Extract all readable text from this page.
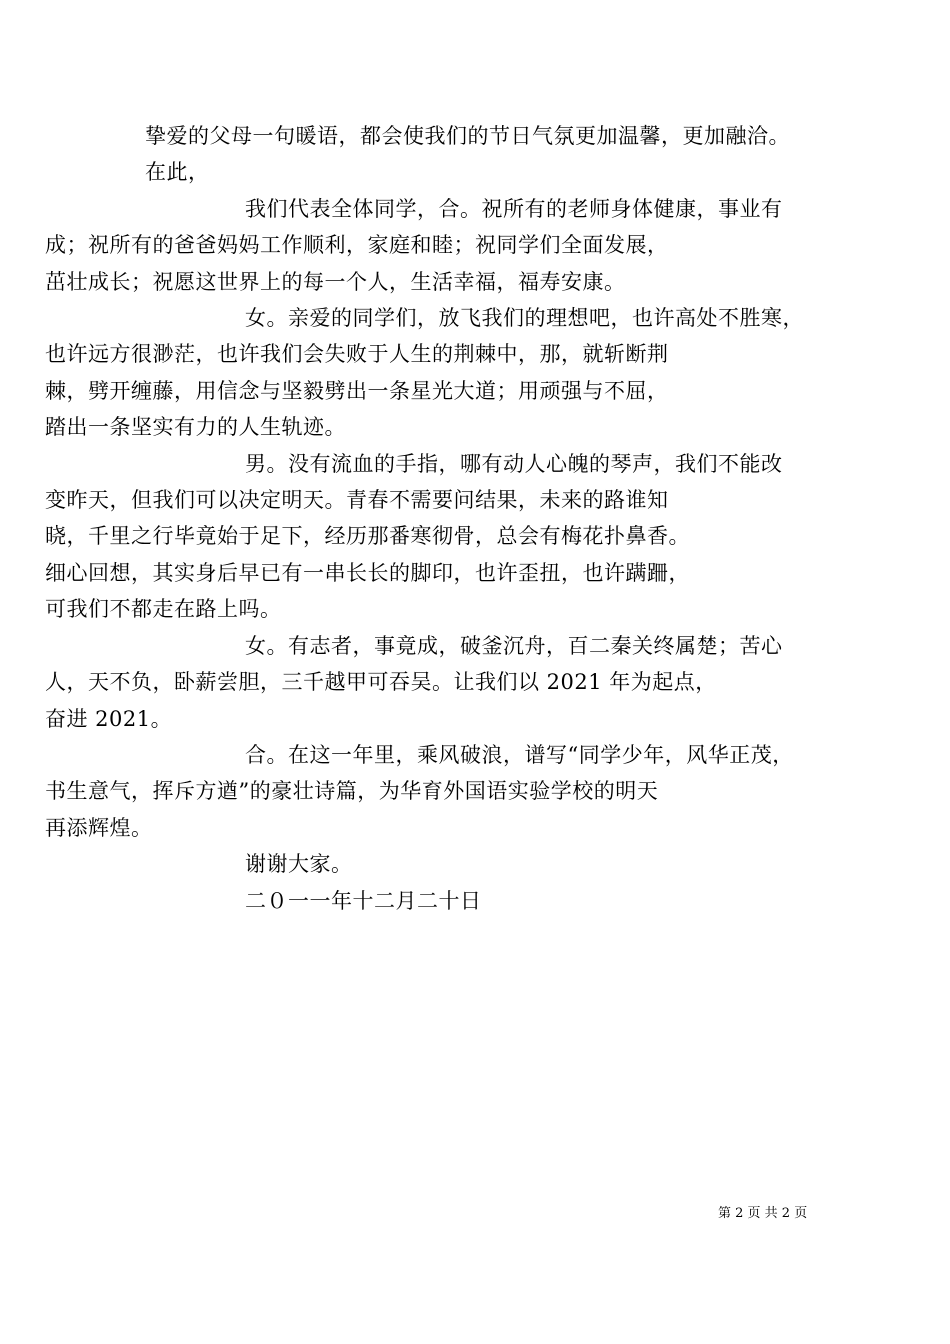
挚爱的父母一句暖语，都会使我们的节日气氛更加温馨，更加融洽。
在此，

我们代表全体同学，合。祝所有的老师身体健康，事业有
成；祝所有的爸爸妈妈工作顺利，家庭和睦；祝同学们全面发展，
茁壮成长；祝愿这世界上的每一个人，生活幸福，福寿安康。

女。亲爱的同学们，放飞我们的理想吧，也许高处不胜寒，
也许远方很渺茫，也许我们会失败于人生的荆棘中，那，就斩断荆
棘，劈开缠藤，用信念与坚毅劈出一条星光大道；用顽强与不屈，
踏出一条坚实有力的人生轨迹。

男。没有流血的手指，哪有动人心魄的琴声，我们不能改
变昨天，但我们可以决定明天。青春不需要问结果，未来的路谁知
晓，千里之行毕竟始于足下，经历那番寒彻骨，总会有梅花扑鼻香。
细心回想，其实身后早已有一串长长的脚印，也许歪扭，也许蹒跚，
可我们不都走在路上吗。

女。有志者，事竟成，破釜沉舟，百二秦关终属楚；苦心
人，天不负，卧薪尝胆，三千越甲可吞吴。让我们以 2021 年为起点，
奋进 2021。

合。在这一年里，乘风破浪，谱写“同学少年，风华正茂，
书生意气，挥斥方遒”的豪壮诗篇，为华育外国语实验学校的明天
再添辉煌。

谢谢大家。

二０一一年十二月二十日

第 2 页 共 2 页
